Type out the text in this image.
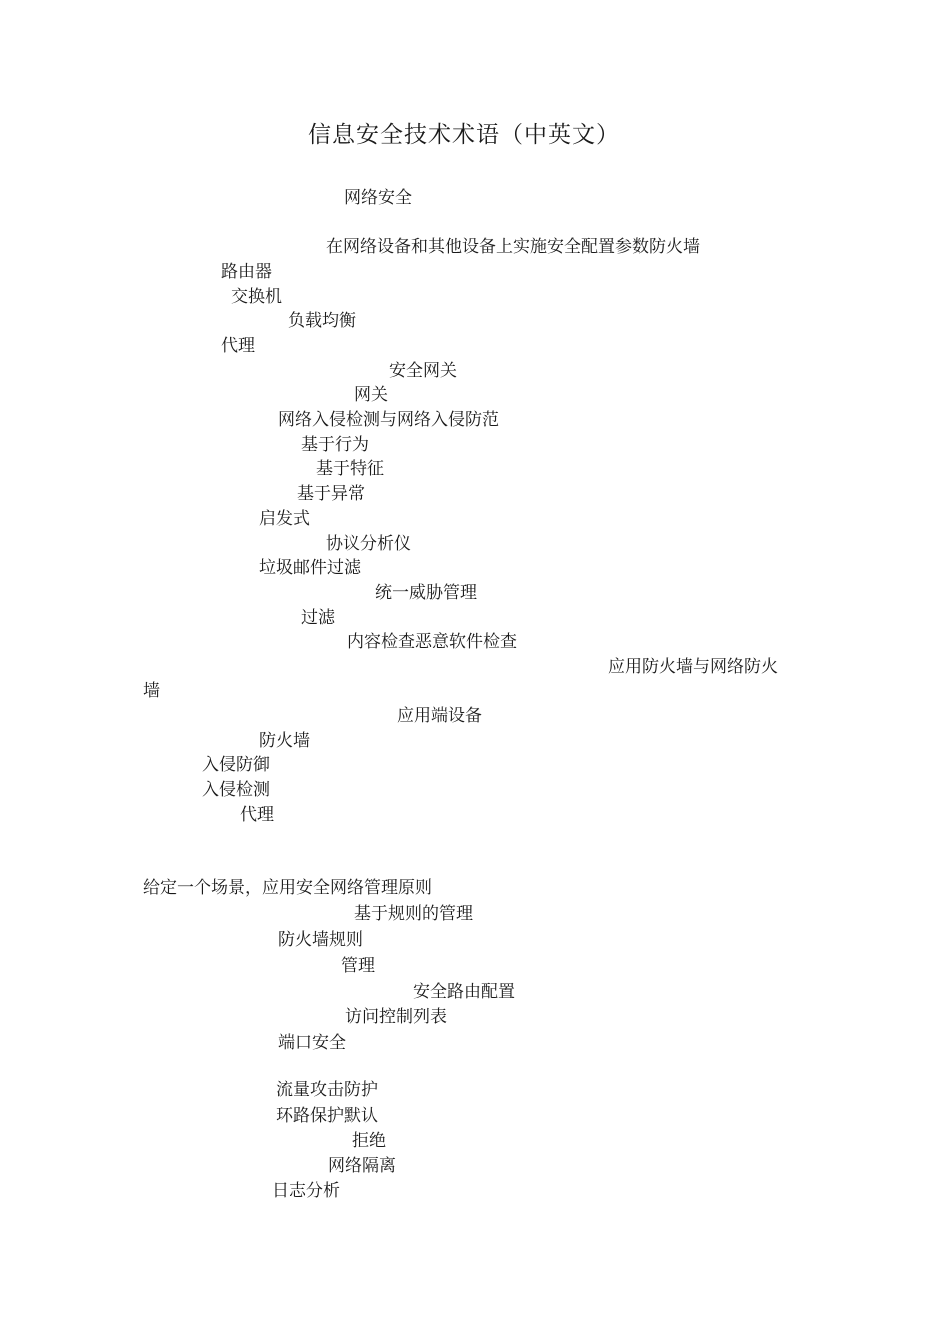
信息安全技术术语（中英文）
网络安全
在网络设备和其他设备上实施安全配置参数防火墙
路由器
交换机
负载均衡
代理
安全网关
网关
网络入侵检测与网络入侵防范
基于行为
基于特征
基于异常
启发式
协议分析仪
垃圾邮件过滤
统一威胁管理
过滤
内容检查恶意软件检查
应用防火墙与网络防火
墙
应用端设备
防火墙
入侵防御
入侵检测
代理
给定一个场景，应用安全网络管理原则
基于规则的管理
防火墙规则
管理
安全路由配置
访问控制列表
端口安全
流量攻击防护
环路保护默认
拒绝
网络隔离
日志分析
